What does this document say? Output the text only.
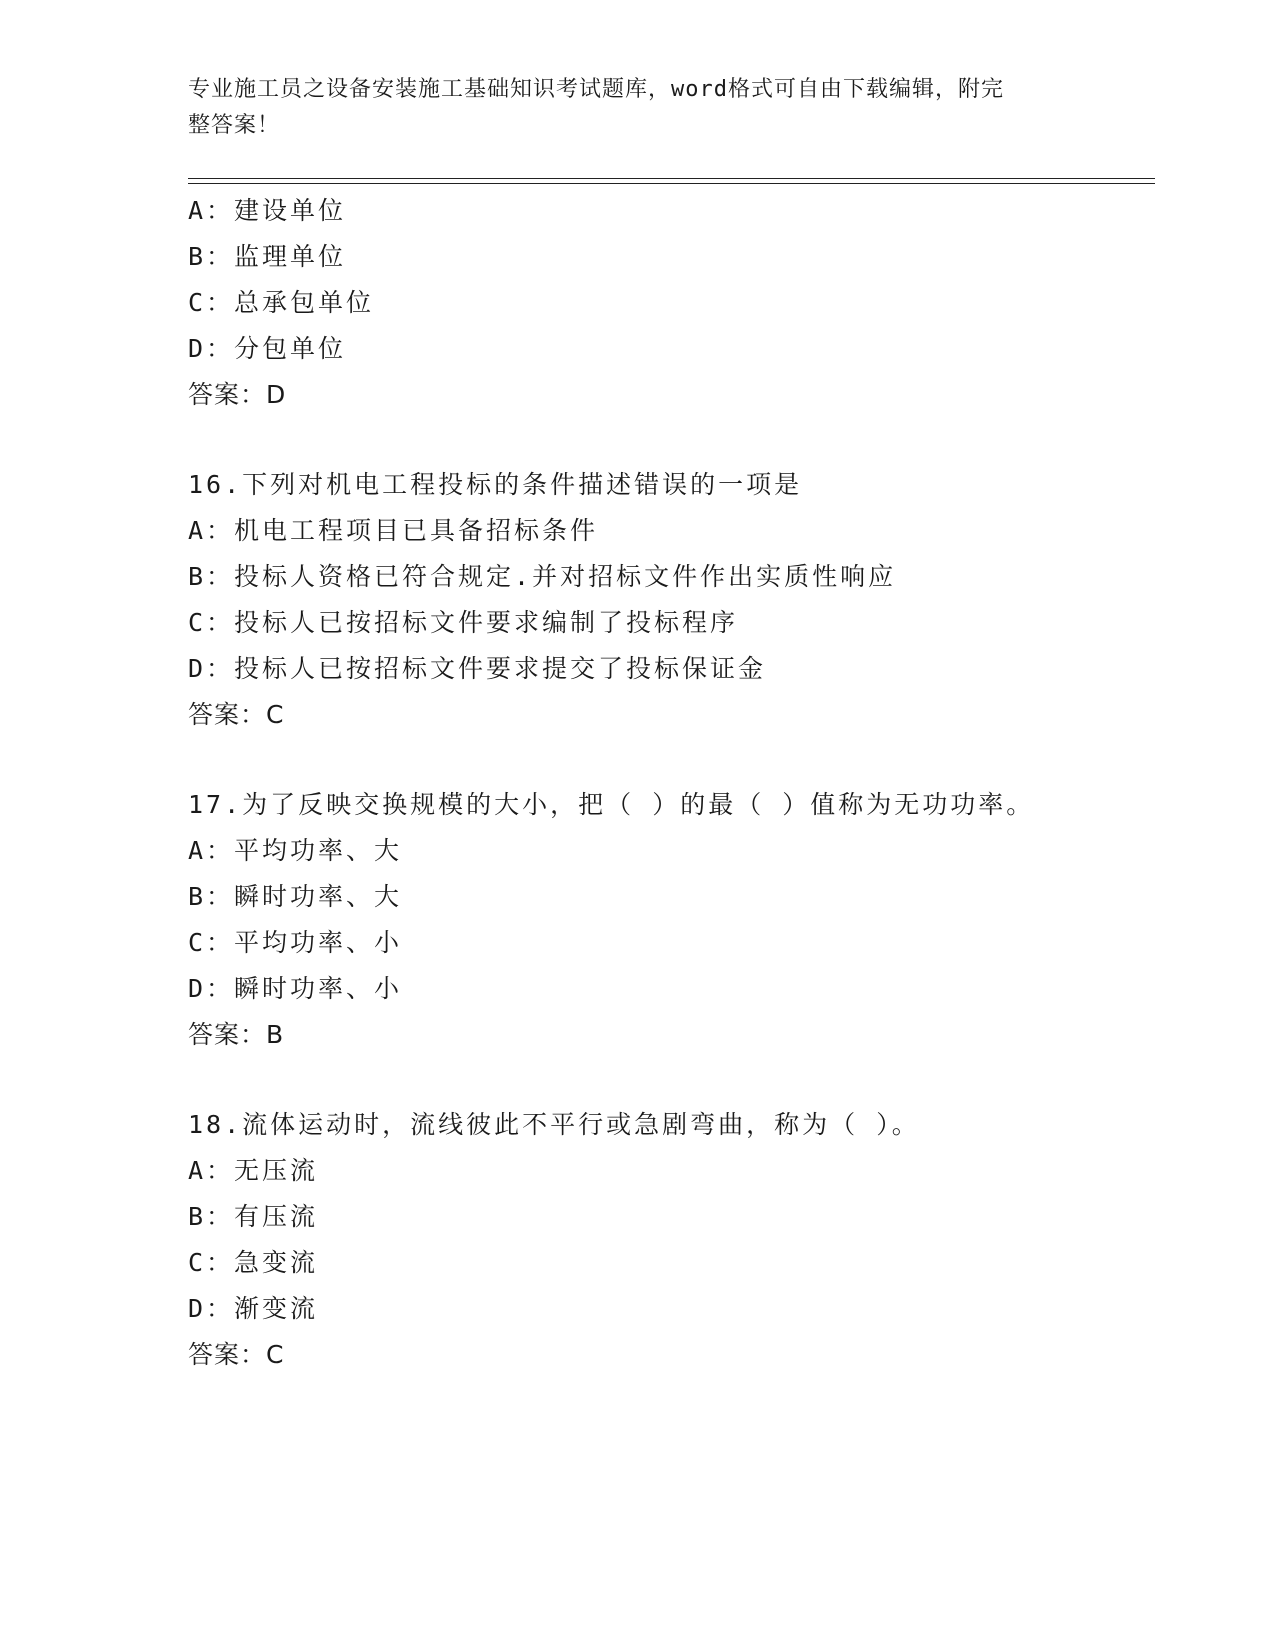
专业施工员之设备安装施工基础知识考试题库，word格式可自由下载编辑，附完
整答案！
A：建设单位
B：监理单位
C：总承包单位
D：分包单位
答案：D
16.下列对机电工程投标的条件描述错误的一项是
A：机电工程项目已具备招标条件
B：投标人资格已符合规定.并对招标文件作出实质性响应
C：投标人已按招标文件要求编制了投标程序
D：投标人已按招标文件要求提交了投标保证金
答案：C
17.为了反映交换规模的大小，把（ ）的最（ ）值称为无功功率。
A：平均功率、大
B：瞬时功率、大
C：平均功率、小
D：瞬时功率、小
答案：B
18.流体运动时，流线彼此不平行或急剧弯曲，称为（ ）。
A：无压流
B：有压流
C：急变流
D：渐变流
答案：C
